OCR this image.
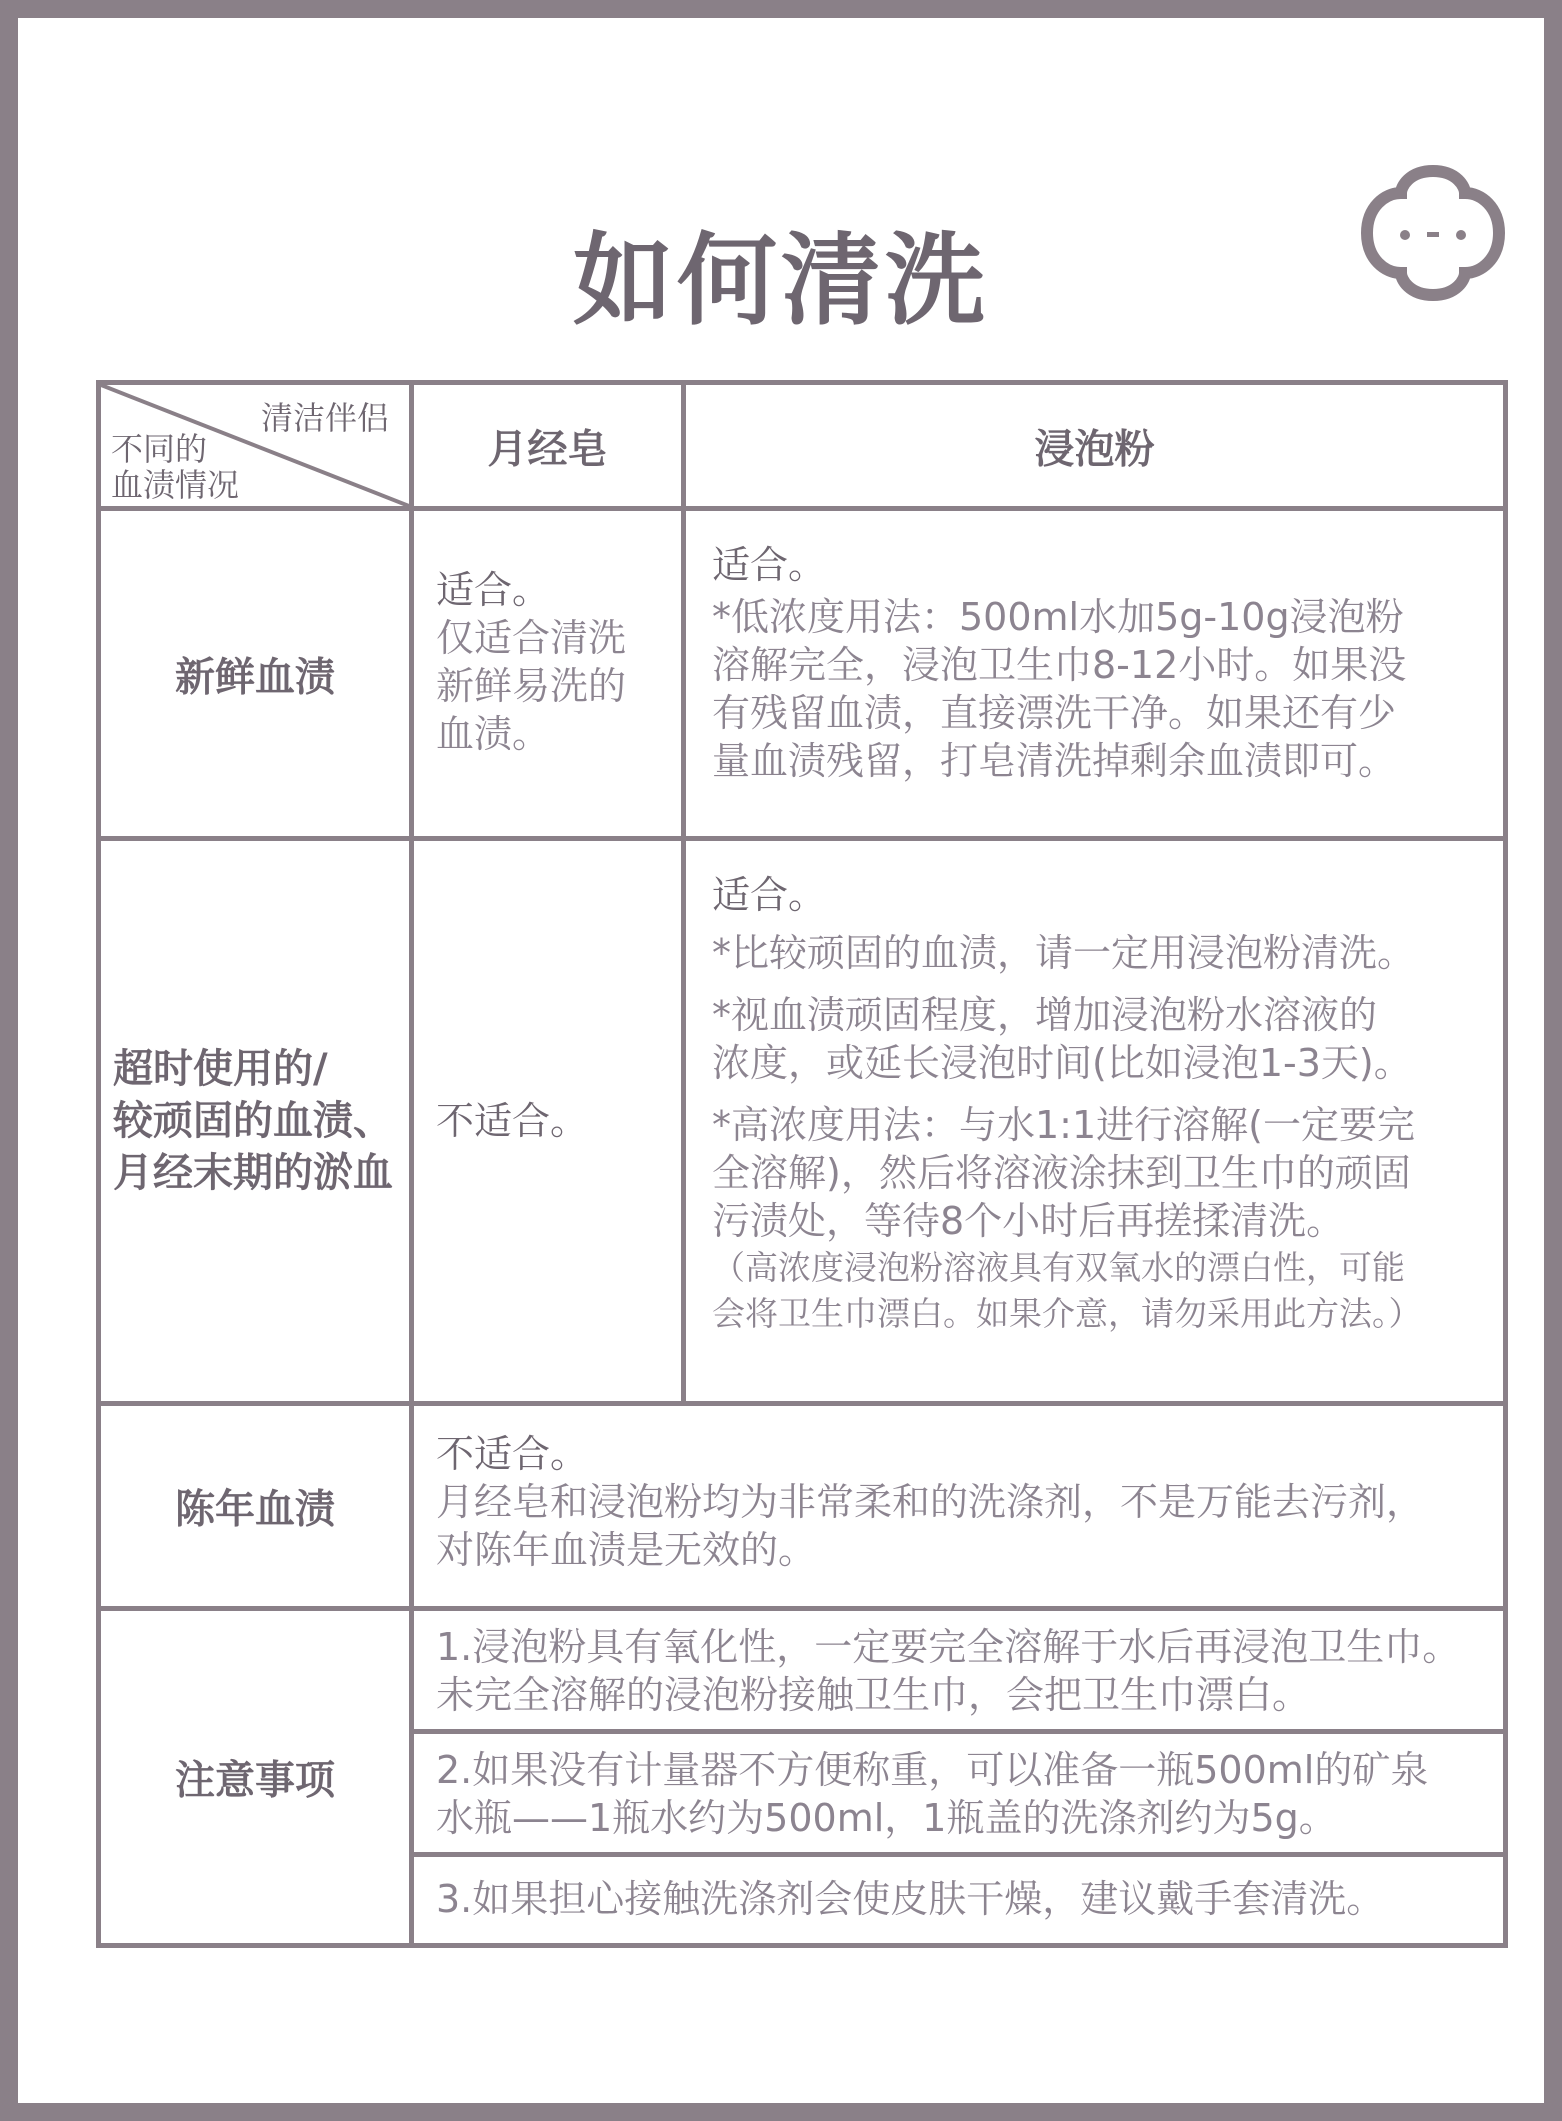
如何清洗
清洁伴侣
不同的
血渍情况
月经皂	浸泡粉
新鲜血渍
适合。
仅适合清洗
新鲜易洗的
血渍。
适合。
*低浓度用法：500ml水加5g-10g浸泡粉
溶解完全，浸泡卫生巾8-12小时。如果没
有残留血渍，直接漂洗干净。如果还有少
量血渍残留，打皂清洗掉剩余血渍即可。
超时使用的/
较顽固的血渍、
月经末期的淤血
不适合。
适合。
*比较顽固的血渍，请一定用浸泡粉清洗。
*视血渍顽固程度，增加浸泡粉水溶液的
浓度，或延长浸泡时间(比如浸泡1-3天)。
*高浓度用法：与水1:1进行溶解(一定要完
全溶解)，然后将溶液涂抹到卫生巾的顽固
污渍处，等待8个小时后再搓揉清洗。
（高浓度浸泡粉溶液具有双氧水的漂白性，可能
会将卫生巾漂白。如果介意，请勿采用此方法。）
陈年血渍
不适合。
月经皂和浸泡粉均为非常柔和的洗涤剂，不是万能去污剂，
对陈年血渍是无效的。
注意事项
1.浸泡粉具有氧化性，一定要完全溶解于水后再浸泡卫生巾。
未完全溶解的浸泡粉接触卫生巾，会把卫生巾漂白。
2.如果没有计量器不方便称重，可以准备一瓶500ml的矿泉
水瓶——1瓶水约为500ml，1瓶盖的洗涤剂约为5g。
3.如果担心接触洗涤剂会使皮肤干燥，建议戴手套清洗。
